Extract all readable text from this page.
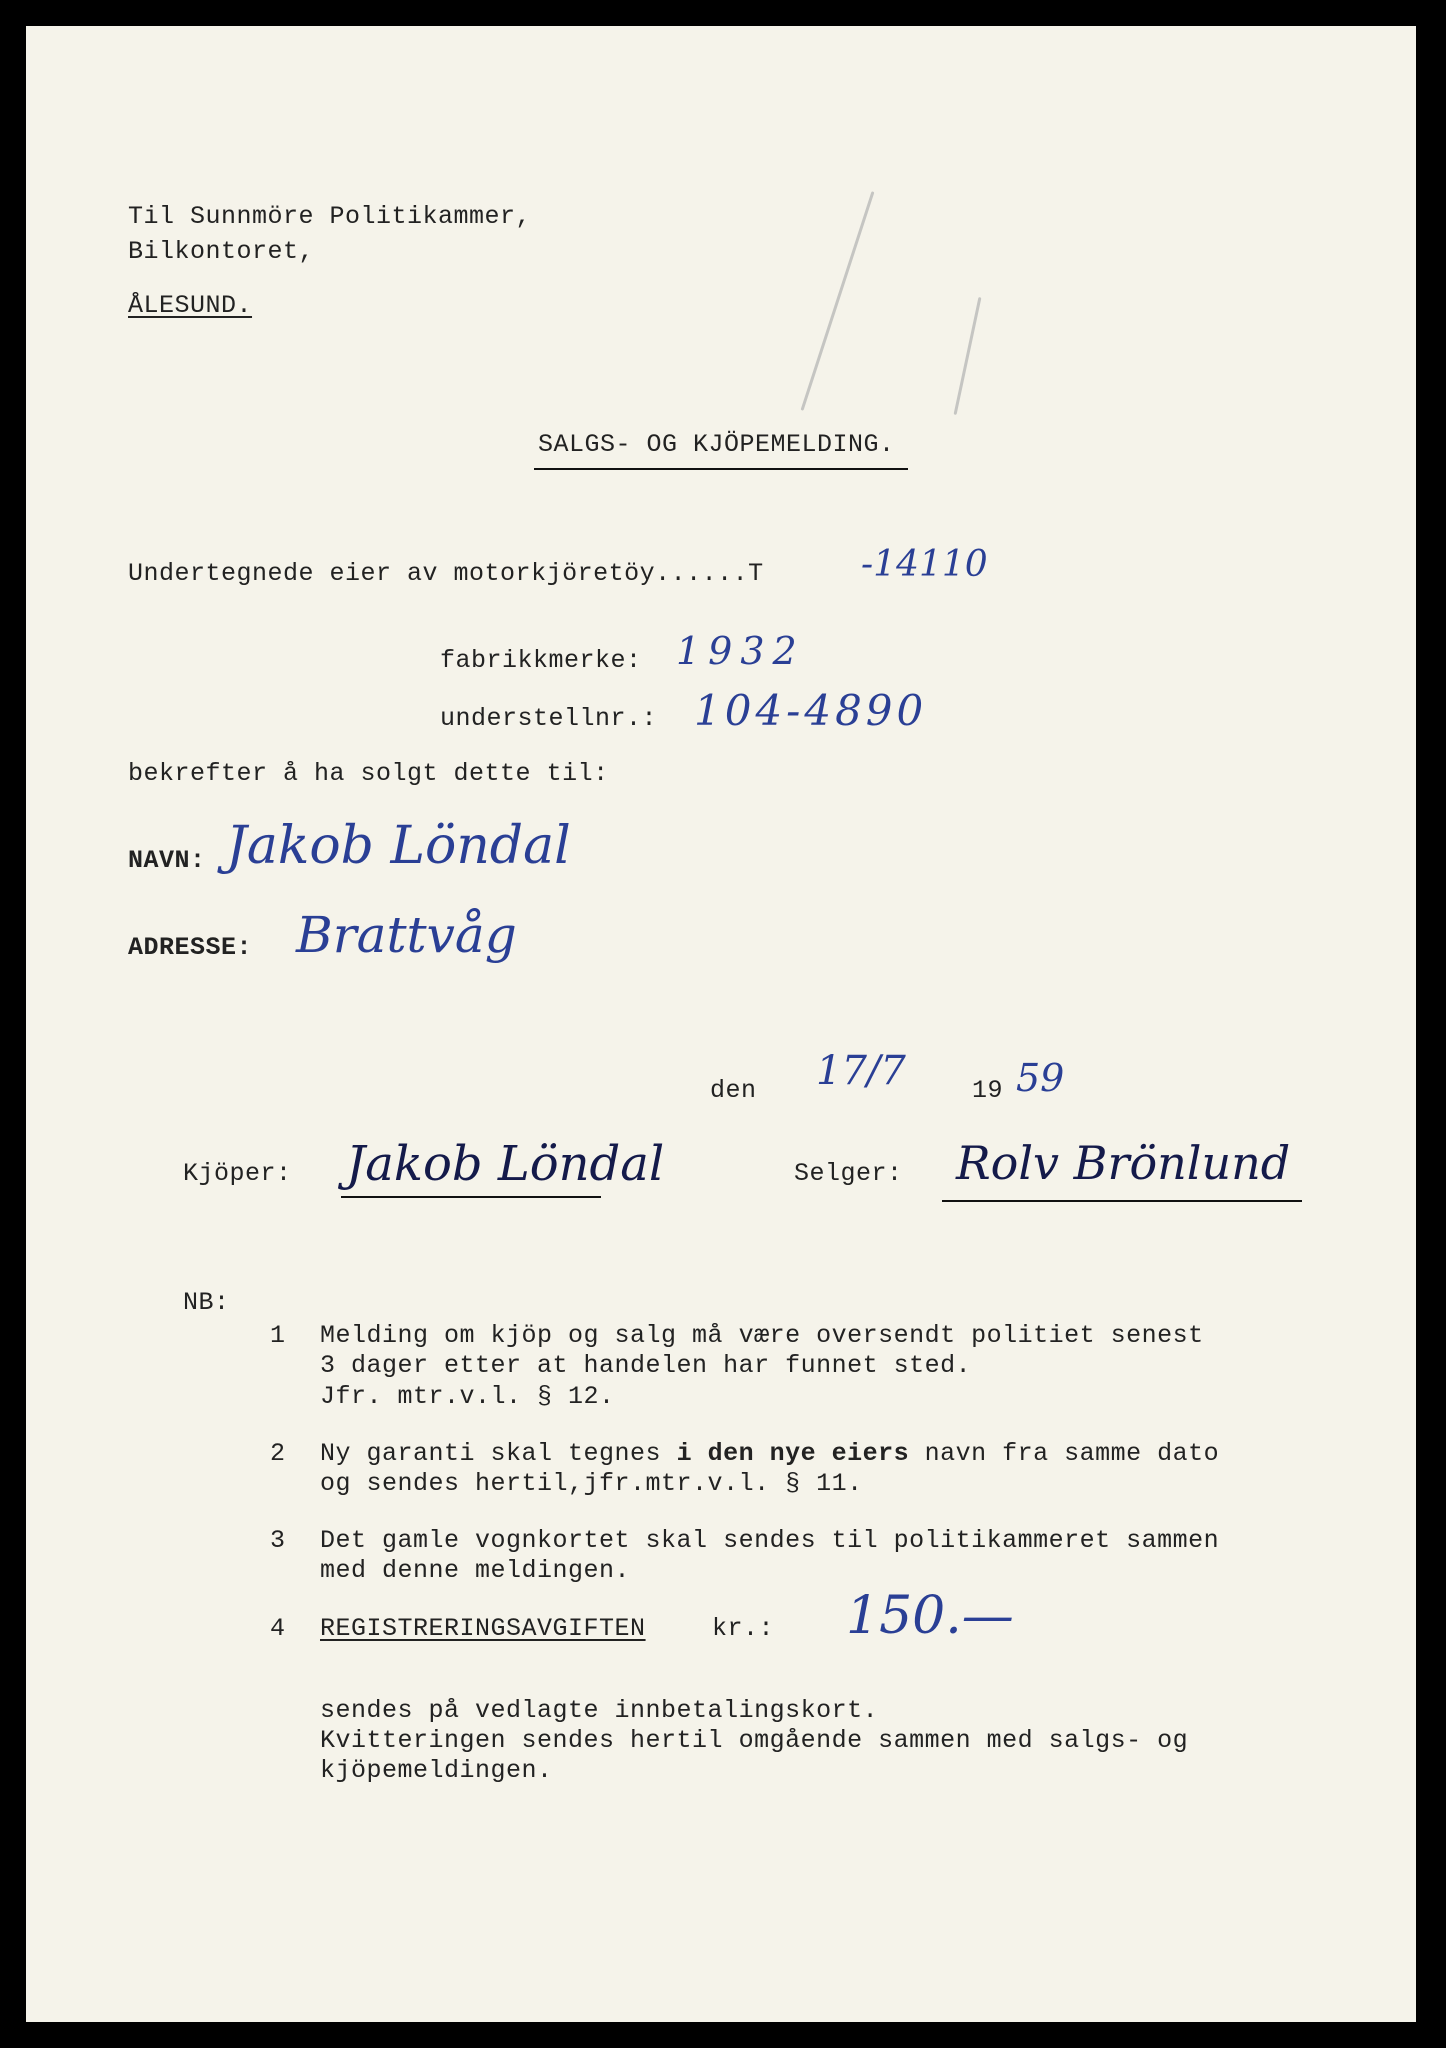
Til Sunnmöre Politikammer,
Bilkontoret,
ÅLESUND.
SALGS- OG KJÖPEMELDING.
Undertegnede eier av motorkjöretöy......T	-14110
fabrikkmerke: 1932
understellnr.: 104-4890
bekrefter å ha solgt dette til:
NAVN: Jakob Löndal
ADRESSE: Brattvåg
den 17/7	19 59
Kjöper: Jakob Löndal	Selger: Rolv Brönlund
NB:
1 Melding om kjöp og salg må være oversendt politiet senest
3 dager etter at handelen har funnet sted.
Jfr. mtr.v.l. § 12.
2 Ny garanti skal tegnes i den nye eiers navn fra samme dato
og sendes hertil,jfr.mtr.v.l. § 11.
3 Det gamle vognkortet skal sendes til politikammeret sammen
med denne meldingen.
4 REGISTRERINGSAVGIFTEN	kr.: 150.—
sendes på vedlagte innbetalingskort.
Kvitteringen sendes hertil omgående sammen med salgs- og
kjöpemeldingen.
